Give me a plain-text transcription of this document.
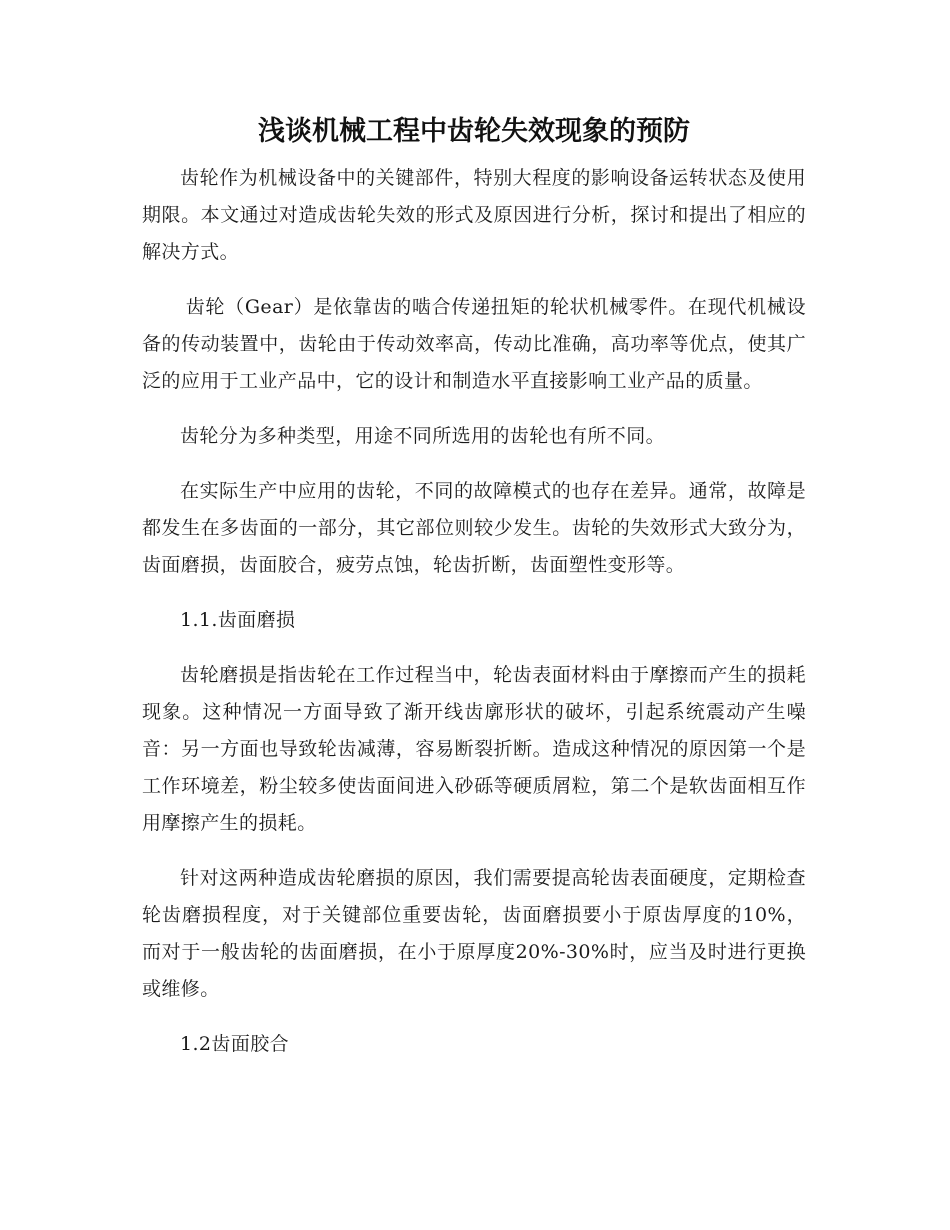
浅谈机械工程中齿轮失效现象的预防

齿轮作为机械设备中的关键部件，特别大程度的影响设备运转状态及使用期限。本文通过对造成齿轮失效的形式及原因进行分析，探讨和提出了相应的解决方式。

齿轮（Gear）是依靠齿的啮合传递扭矩的轮状机械零件。在现代机械设备的传动装置中，齿轮由于传动效率高，传动比准确，高功率等优点，使其广泛的应用于工业产品中，它的设计和制造水平直接影响工业产品的质量。

齿轮分为多种类型，用途不同所选用的齿轮也有所不同。

在实际生产中应用的齿轮，不同的故障模式的也存在差异。通常，故障是都发生在多齿面的一部分，其它部位则较少发生。齿轮的失效形式大致分为，齿面磨损，齿面胶合，疲劳点蚀，轮齿折断，齿面塑性变形等。

1.1.齿面磨损

齿轮磨损是指齿轮在工作过程当中，轮齿表面材料由于摩擦而产生的损耗现象。这种情况一方面导致了渐开线齿廓形状的破坏，引起系统震动产生噪音：另一方面也导致轮齿减薄，容易断裂折断。造成这种情况的原因第一个是工作环境差，粉尘较多使齿面间进入砂砾等硬质屑粒，第二个是软齿面相互作用摩擦产生的损耗。

针对这两种造成齿轮磨损的原因，我们需要提高轮齿表面硬度，定期检查轮齿磨损程度，对于关键部位重要齿轮，齿面磨损要小于原齿厚度的10%，而对于一般齿轮的齿面磨损，在小于原厚度20%-30%时，应当及时进行更换或维修。

1.2齿面胶合
